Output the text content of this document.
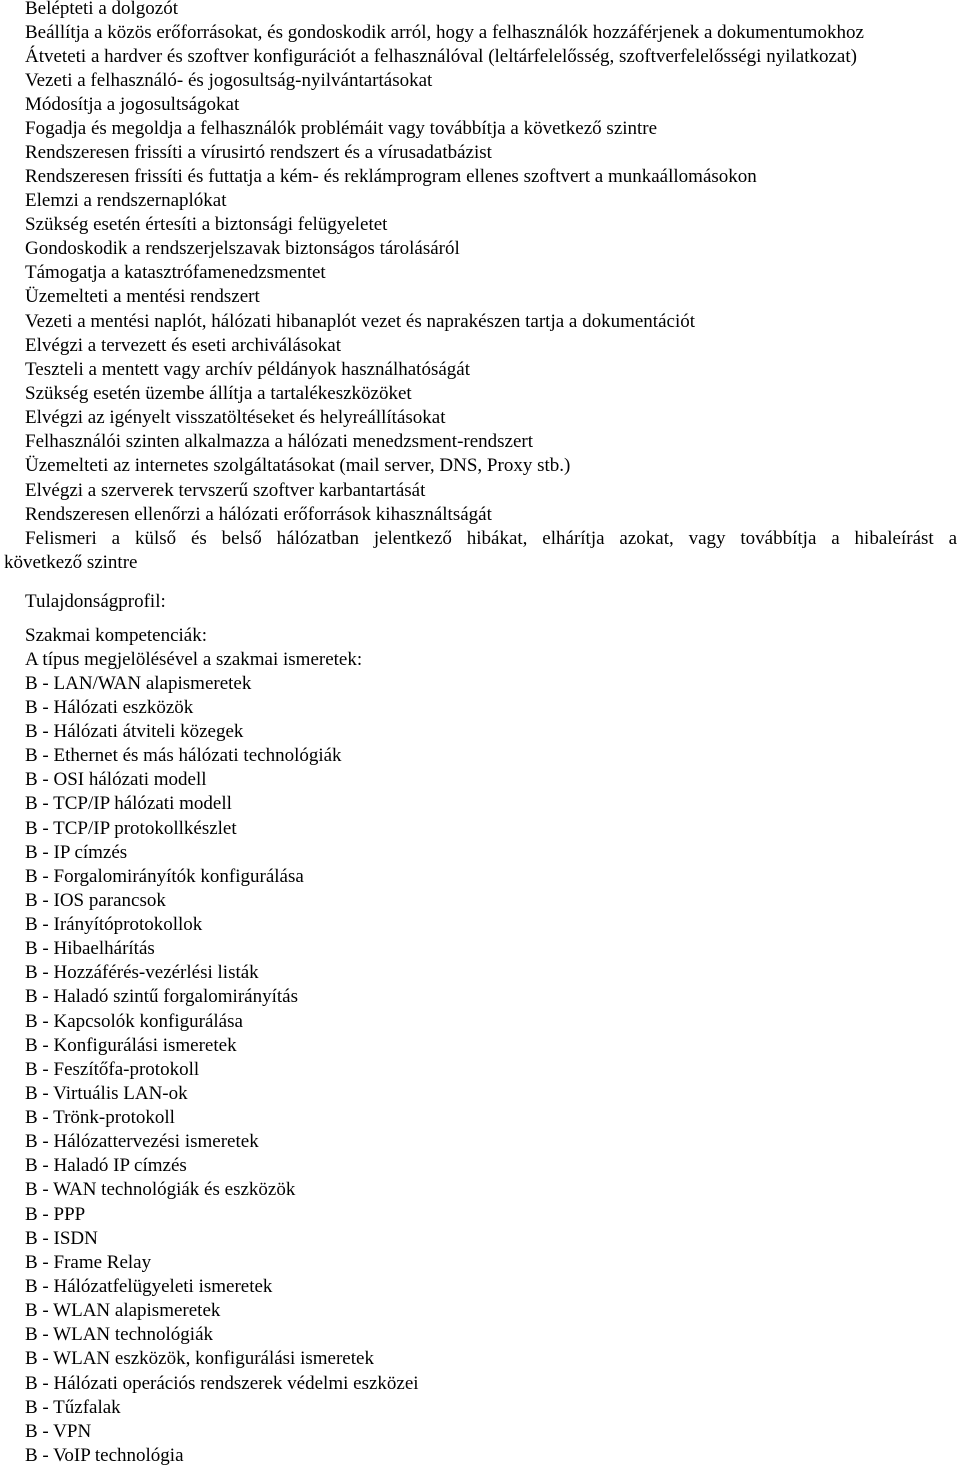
Belépteti a dolgozót
Beállítja a közös erőforrásokat, és gondoskodik arról, hogy a felhasználók hozzáférjenek a dokumentumokhoz
Átveteti a hardver és szoftver konfigurációt a felhasználóval (leltárfelelősség, szoftverfelelősségi nyilatkozat)
Vezeti a felhasználó- és jogosultság-nyilvántartásokat
Módosítja a jogosultságokat
Fogadja és megoldja a felhasználók problémáit vagy továbbítja a következő szintre
Rendszeresen frissíti a vírusirtó rendszert és a vírusadatbázist
Rendszeresen frissíti és futtatja a kém- és reklámprogram ellenes szoftvert a munkaállomásokon
Elemzi a rendszernaplókat
Szükség esetén értesíti a biztonsági felügyeletet
Gondoskodik a rendszerjelszavak biztonságos tárolásáról
Támogatja a katasztrófamenedzsmentet
Üzemelteti a mentési rendszert
Vezeti a mentési naplót, hálózati hibanaplót vezet és naprakészen tartja a dokumentációt
Elvégzi a tervezett és eseti archiválásokat
Teszteli a mentett vagy archív példányok használhatóságát
Szükség esetén üzembe állítja a tartalékeszközöket
Elvégzi az igényelt visszatöltéseket és helyreállításokat
Felhasználói szinten alkalmazza a hálózati menedzsment-rendszert
Üzemelteti az internetes szolgáltatásokat (mail server, DNS, Proxy stb.)
Elvégzi a szerverek tervszerű szoftver karbantartását
Rendszeresen ellenőrzi a hálózati erőforrások kihasználtságát
Felismeri a külső és belső hálózatban jelentkező hibákat, elhárítja azokat, vagy továbbítja a hibaleírást a
következő szintre
Tulajdonságprofil:
Szakmai kompetenciák:
A típus megjelölésével a szakmai ismeretek:
B - LAN/WAN alapismeretek
B - Hálózati eszközök
B - Hálózati átviteli közegek
B - Ethernet és más hálózati technológiák
B - OSI hálózati modell
B - TCP/IP hálózati modell
B - TCP/IP protokollkészlet
B - IP címzés
B - Forgalomirányítók konfigurálása
B - IOS parancsok
B - Irányítóprotokollok
B - Hibaelhárítás
B - Hozzáférés-vezérlési listák
B - Haladó szintű forgalomirányítás
B - Kapcsolók konfigurálása
B - Konfigurálási ismeretek
B - Feszítőfa-protokoll
B - Virtuális LAN-ok
B - Trönk-protokoll
B - Hálózattervezési ismeretek
B - Haladó IP címzés
B - WAN technológiák és eszközök
B - PPP
B - ISDN
B - Frame Relay
B - Hálózatfelügyeleti ismeretek
B - WLAN alapismeretek
B - WLAN technológiák
B - WLAN eszközök, konfigurálási ismeretek
B - Hálózati operációs rendszerek védelmi eszközei
B - Tűzfalak
B - VPN
B - VoIP technológia
